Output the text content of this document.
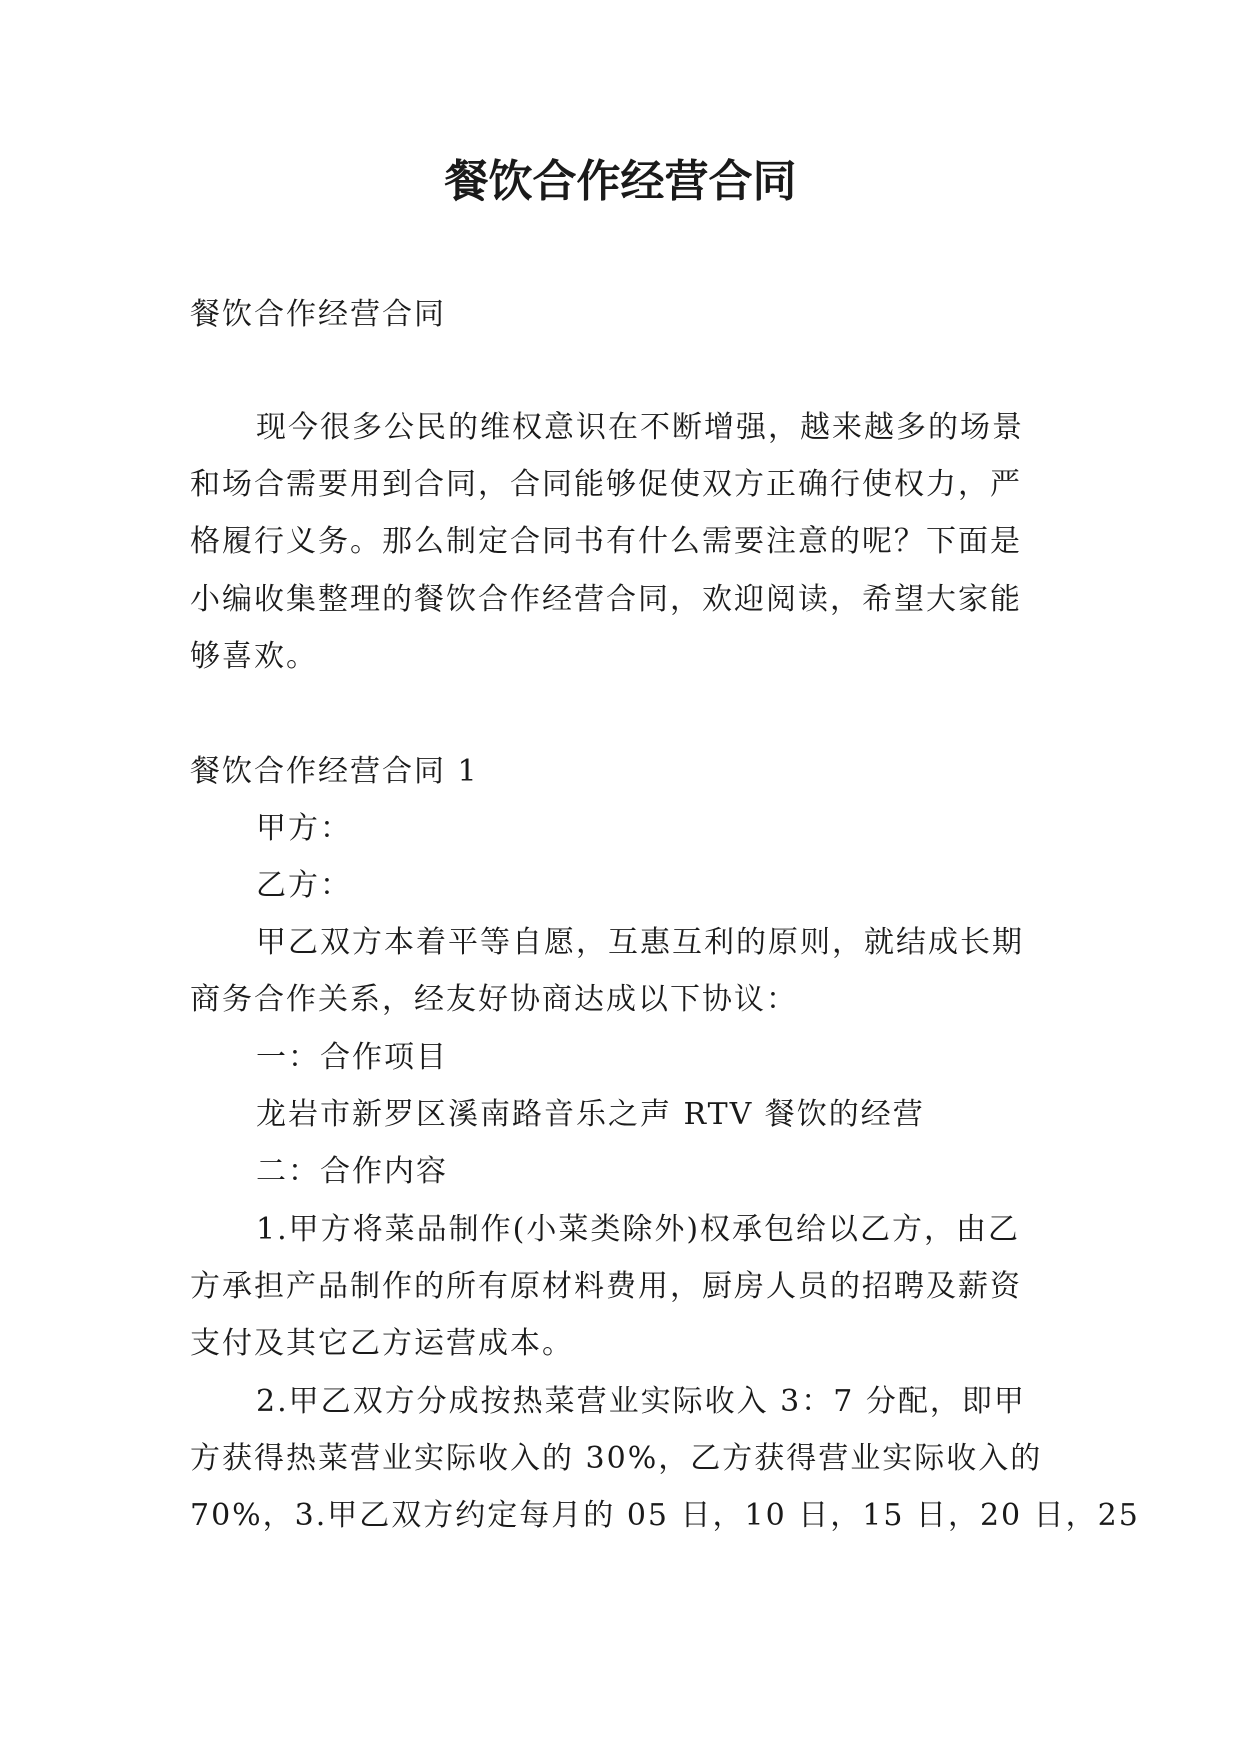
餐饮合作经营合同

餐饮合作经营合同

现今很多公民的维权意识在不断增强，越来越多的场景

和场合需要用到合同，合同能够促使双方正确行使权力，严

格履行义务。那么制定合同书有什么需要注意的呢？下面是

小编收集整理的餐饮合作经营合同，欢迎阅读，希望大家能

够喜欢。

餐饮合作经营合同 1

甲方：

乙方：

甲乙双方本着平等自愿，互惠互利的原则，就结成长期

商务合作关系，经友好协商达成以下协议：

一：合作项目

龙岩市新罗区溪南路音乐之声 RTV 餐饮的经营

二：合作内容

1.甲方将菜品制作(小菜类除外)权承包给以乙方，由乙

方承担产品制作的所有原材料费用，厨房人员的招聘及薪资

支付及其它乙方运营成本。

2.甲乙双方分成按热菜营业实际收入 3：7 分配，即甲

方获得热菜营业实际收入的 30%，乙方获得营业实际收入的

70%，3.甲乙双方约定每月的 05 日，10 日，15 日，20 日，25
